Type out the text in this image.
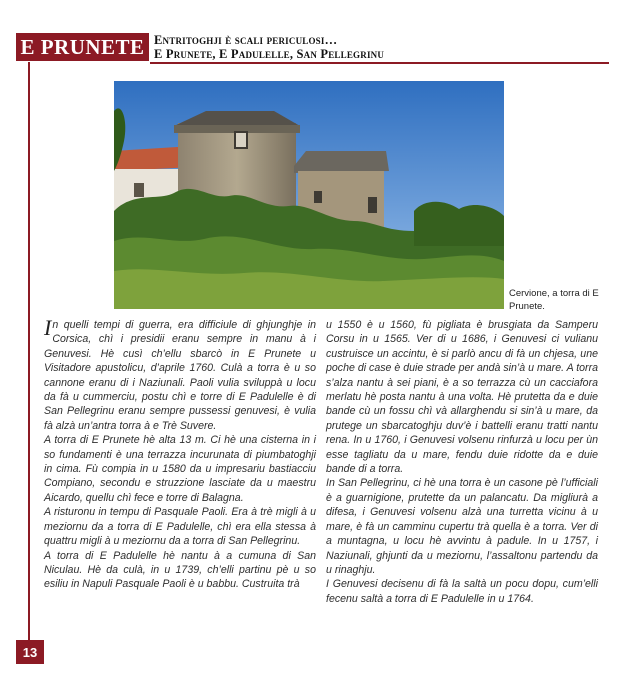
E PRUNETE Entritoghji è scali periculosi…
E Prunete, E Padulelle, San Pellegrinu
Cervione, a torra di E Prunete.

In quelli tempi di guerra, era difficiule di ghjunghje in Corsica, chì i presidii eranu sempre in manu à i Genuvesi. Hè cusì ch’ellu sbarcò in E Prunete u Visitadore apustolicu, d’aprile 1760. Culà a torra è u so cannone eranu di i Naziunali. Paoli vulia sviluppà u locu da fà u cummerciu, postu chì e torre di E Padulelle è di San Pellegrinu eranu sempre pussessi genuvesi, è vulia fà alzà un’antra torra à e Trè Suvere.

A torra di E Prunete hè alta 13 m. Ci hè una cisterna in i so fundamenti è una terrazza incurunata di piumbatoghji in cima. Fù compia in u 1580 da u impresariu bastiacciu Compiano, secondu e struzzione lasciate da u maestru Aicardo, quellu chì fece e torre di Balagna.

A risturonu in tempu di Pasquale Paoli. Era à trè migli à u meziornu da a torra di E Padulelle, chì era ella stessa à quattru migli à u meziornu da a torra di San Pellegrinu.

A torra di E Padulelle hè nantu à a cumuna di San Niculau. Hè da culà, in u 1739, ch’elli partinu pè u so esiliu in Napuli Pasquale Paoli è u babbu. Custruita trà

u 1550 è u 1560, fù pigliata è brusgiata da Samperu Corsu in u 1565. Ver di u 1686, i Genuvesi ci vulianu custruisce un accintu, è si parlò ancu di fà un chjesa, une poche di case è duie strade per andà sin’à u mare. A torra s’alza nantu à sei piani, è a so terrazza cù un cacciafora merlatu hè posta nantu à una volta. Hè prutetta da e duie bande cù un fossu chì và allarghendu si sin’à u mare, da prutege un sbarcatoghju duv’è i battelli eranu tratti nantu rena. In u 1760, i Genuvesi volsenu rinfurzà u locu per ùn esse tagliatu da u mare, fendu duie ridotte da e duie bande di a torra.

In San Pellegrinu, ci hè una torra è un casone pè l’ufficiali è a guarnigione, prutette da un palancatu. Da migliurà a difesa, i Genuvesi volsenu alzà una turretta vicinu à u mare, è fà un camminu cupertu trà quella è a torra. Ver di a muntagna, u locu hè avvintu à padule. In u 1757, i Naziunali, ghjunti da u meziornu, l’assaltonu partendu da u rinaghju.

I Genuvesi decisenu di fà la saltà un pocu dopu, cum’elli fecenu saltà a torra di E Padulelle in u 1764.

13
